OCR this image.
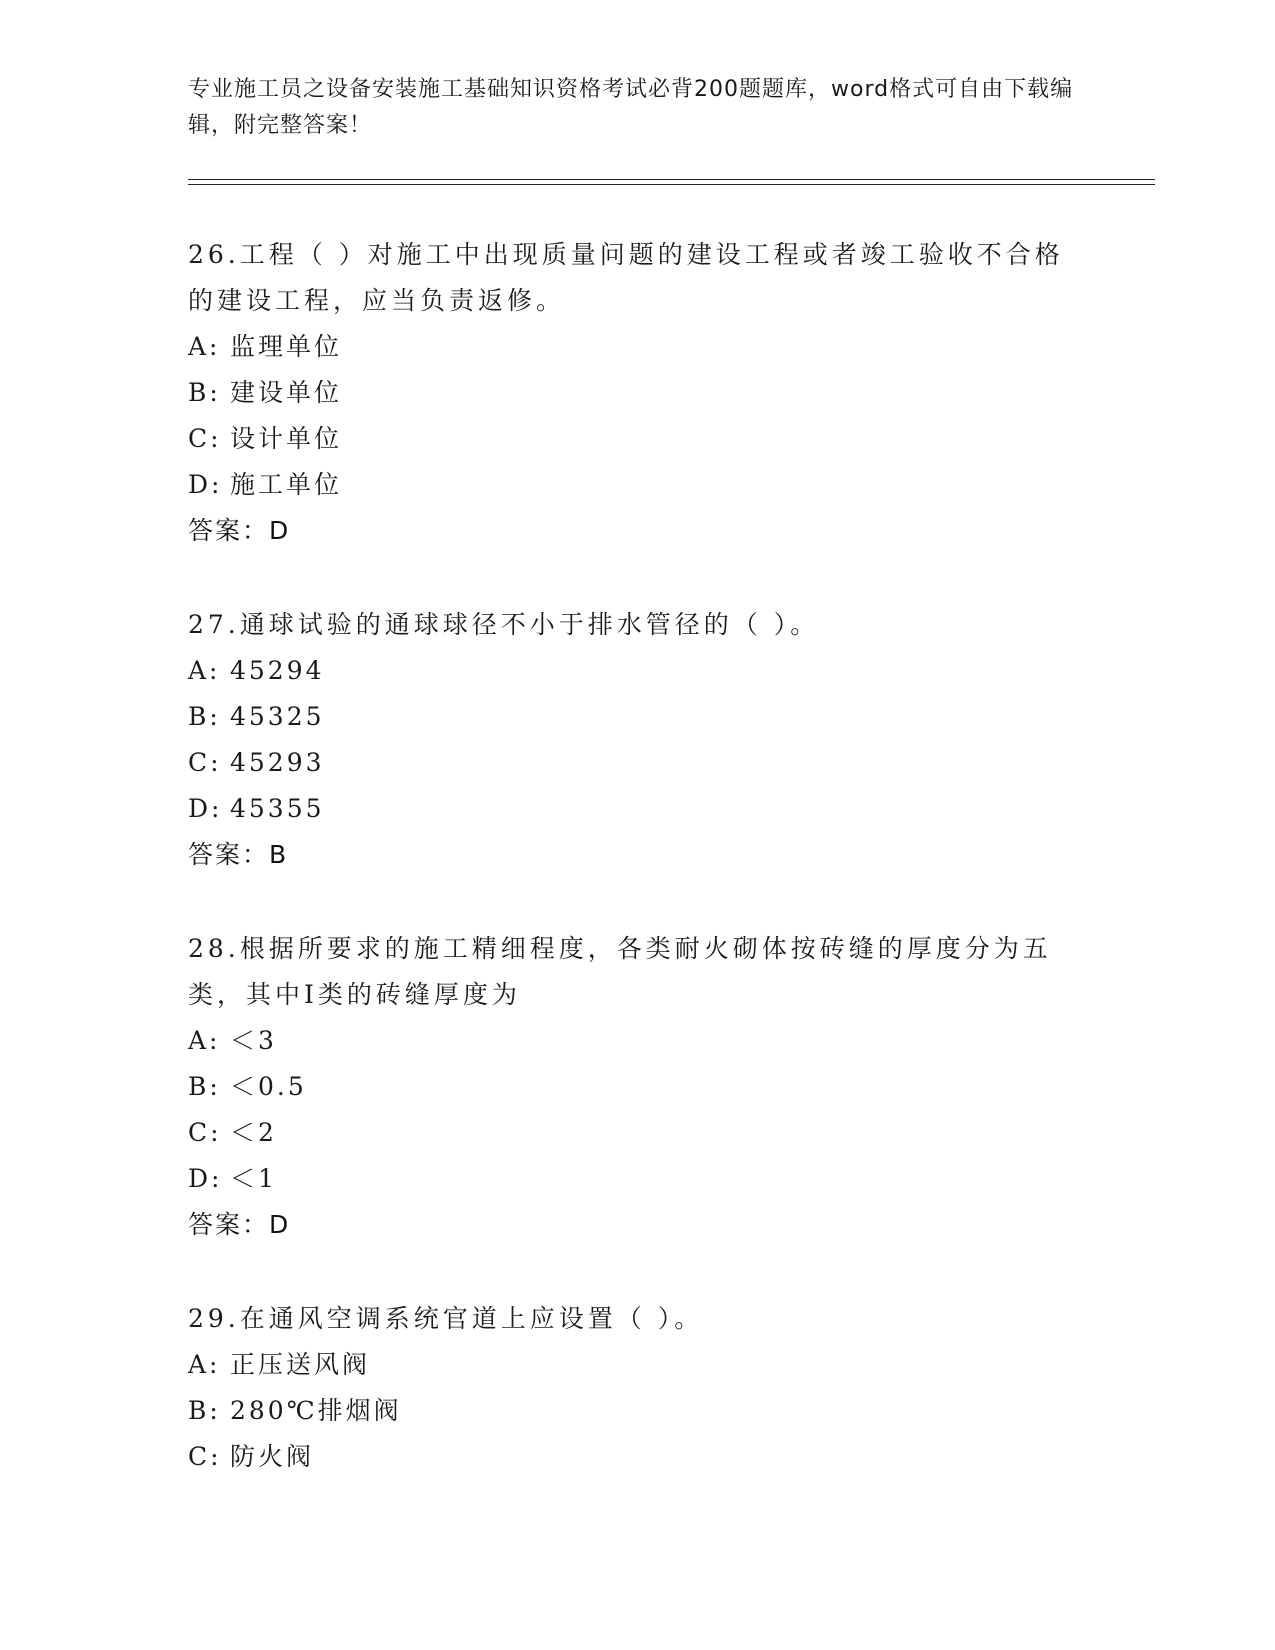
专业施工员之设备安装施工基础知识资格考试必背200题题库，word格式可自由下载编辑，附完整答案！

26.工程（ ）对施工中出现质量问题的建设工程或者竣工验收不合格的建设工程，应当负责返修。

A: 监理单位

B: 建设单位

C: 设计单位

D: 施工单位

答案：D

27.通球试验的通球球径不小于排水管径的（ ）。

A: 45294

B: 45325

C: 45293

D: 45355

答案：B

28.根据所要求的施工精细程度，各类耐火砌体按砖缝的厚度分为五类，其中Ⅰ类的砖缝厚度为

A: ＜3

B: ＜0.5

C: ＜2

D: ＜1

答案：D

29.在通风空调系统官道上应设置（ ）。

A: 正压送风阀

B: 280℃排烟阀

C: 防火阀
